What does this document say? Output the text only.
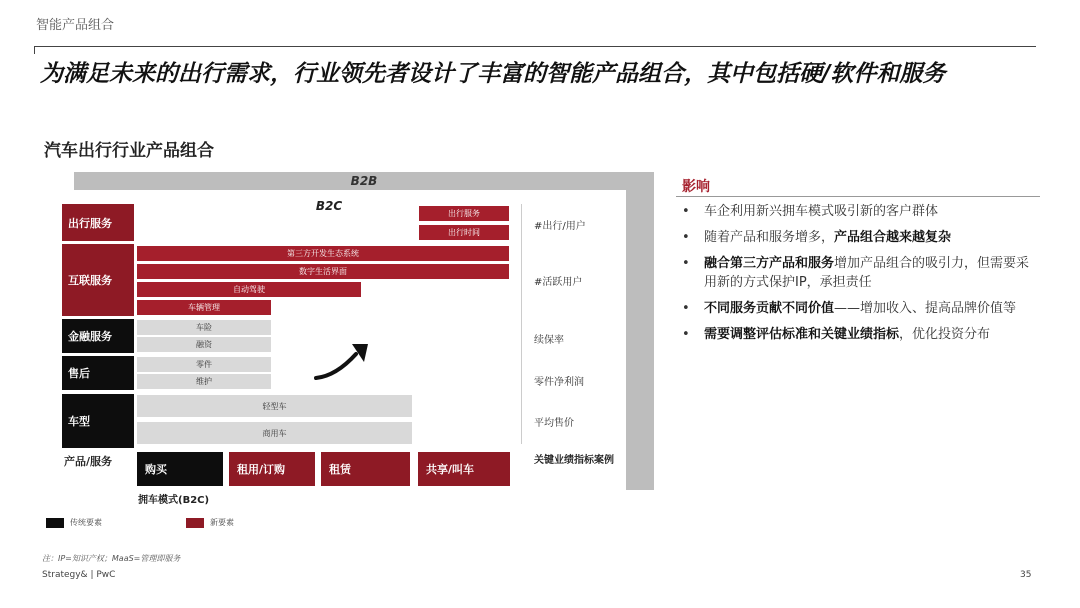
智能产品组合
为满足未来的出行需求，行业领先者设计了丰富的智能产品组合，其中包括硬/软件和服务
汽车出行行业产品组合
B2B
B2C
出行服务
互联服务
金融服务
售后
车型
出行服务
出行时间
第三方开发生态系统
数字生活界面
自动驾驶
车辆管理
车险
融资
零件
维护
轻型车
商用车
#出行/用户
#活跃用户
续保率
零件净利润
平均售价
关键业绩指标案例
产品/服务
购买	租用/订购	租赁	共享/叫车
拥车模式(B2C)
传统要素	新要素
影响
• 车企利用新兴拥车模式吸引新的客户群体
• 随着产品和服务增多，产品组合越来越复杂
• 融合第三方产品和服务增加产品组合的吸引力，但需要采用新的方式保护IP，承担责任
• 不同服务贡献不同价值——增加收入、提高品牌价值等
• 需要调整评估标准和关键业绩指标，优化投资分布
注：IP=知识产权；MaaS=管理即服务
Strategy& | PwC	35
